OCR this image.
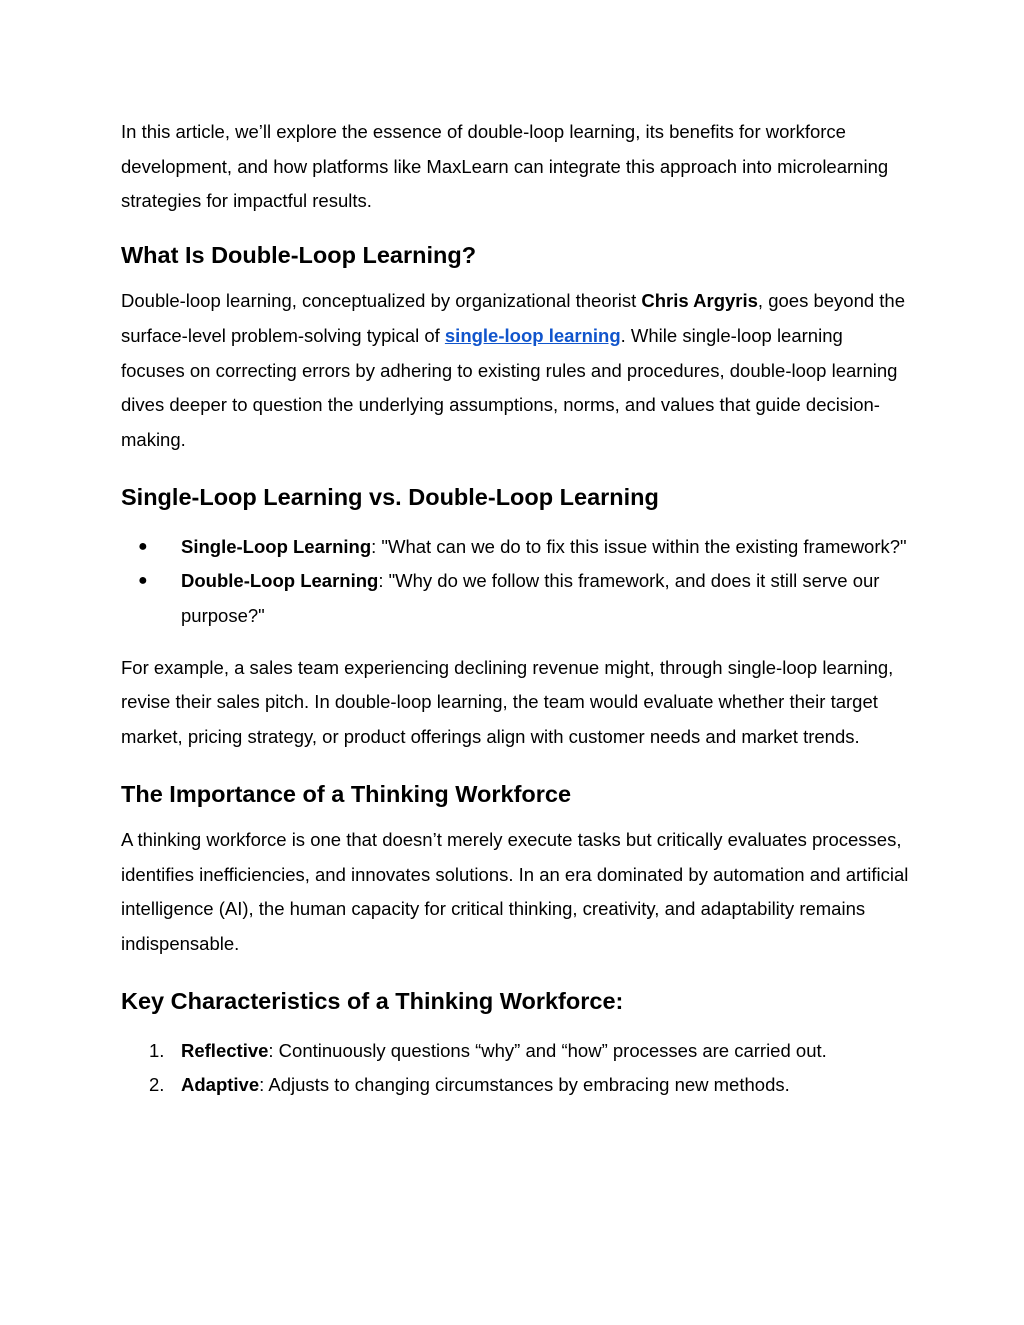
In this article, we’ll explore the essence of double-loop learning, its benefits for workforce development, and how platforms like MaxLearn can integrate this approach into microlearning strategies for impactful results.

What Is Double-Loop Learning?

Double-loop learning, conceptualized by organizational theorist Chris Argyris, goes beyond the surface-level problem-solving typical of single-loop learning. While single-loop learning focuses on correcting errors by adhering to existing rules and procedures, double-loop learning dives deeper to question the underlying assumptions, norms, and values that guide decision-making.

Single-Loop Learning vs. Double-Loop Learning
● Single-Loop Learning: "What can we do to fix this issue within the existing framework?"
● Double-Loop Learning: "Why do we follow this framework, and does it still serve our purpose?"

For example, a sales team experiencing declining revenue might, through single-loop learning, revise their sales pitch. In double-loop learning, the team would evaluate whether their target market, pricing strategy, or product offerings align with customer needs and market trends.

The Importance of a Thinking Workforce

A thinking workforce is one that doesn’t merely execute tasks but critically evaluates processes, identifies inefficiencies, and innovates solutions. In an era dominated by automation and artificial intelligence (AI), the human capacity for critical thinking, creativity, and adaptability remains indispensable.

Key Characteristics of a Thinking Workforce:
1. Reflective: Continuously questions “why” and “how” processes are carried out.
2. Adaptive: Adjusts to changing circumstances by embracing new methods.
